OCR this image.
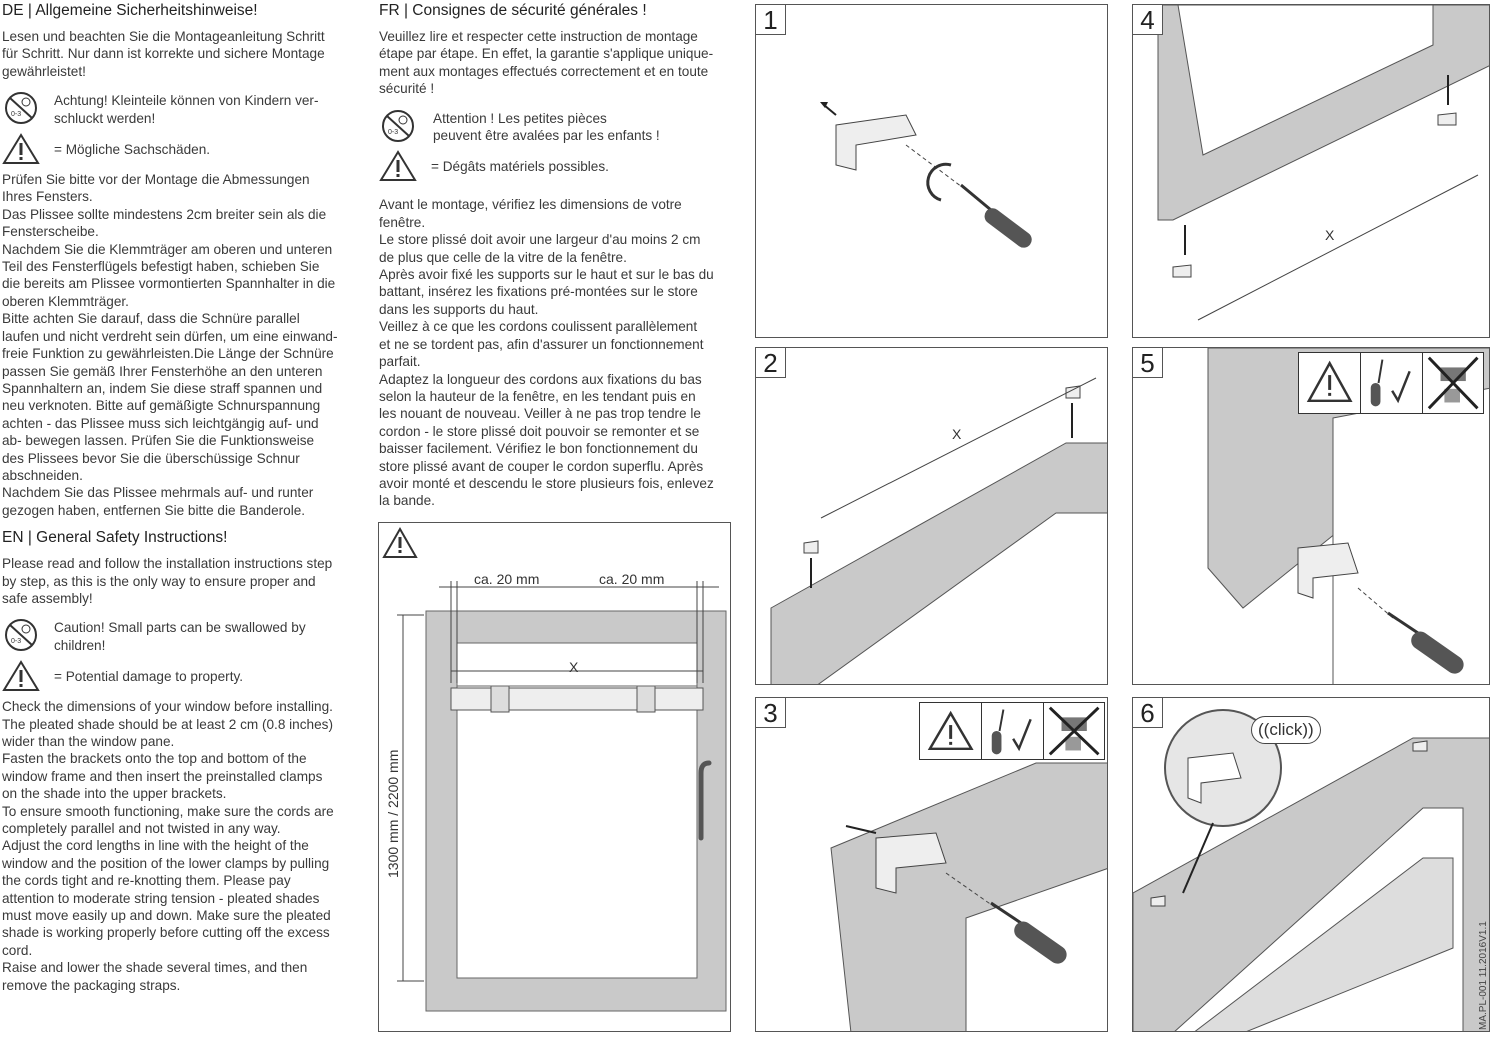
DE | Allgemeine Sicherheitshinweise!
Lesen und beachten Sie die Montageanleitung Schritt
für Schritt. Nur dann ist korrekte und sichere Montage
gewährleistet!
0-3
Achtung! Kleinteile können von Kindern ver-
schluckt werden!
= Mögliche Sachschäden.
Prüfen Sie bitte vor der Montage die Abmessungen
Ihres Fensters.
Das Plissee sollte mindestens 2cm breiter sein als die
Fensterscheibe.
Nachdem Sie die Klemmträger am oberen und unteren
Teil des Fensterflügels befestigt haben, schieben Sie
die bereits am Plissee vormontierten Spannhalter in die
oberen Klemmträger.
Bitte achten Sie darauf, dass die Schnüre parallel
laufen und nicht verdreht sein dürfen, um eine einwand-
freie Funktion zu gewährleisten.Die Länge der Schnüre
passen Sie gemäß Ihrer Fensterhöhe an den unteren
Spannhaltern an, indem Sie diese straff spannen und
neu verknoten. Bitte auf gemäßigte Schnurspannung
achten - das Plissee muss sich leichtgängig auf- und
ab- bewegen lassen. Prüfen Sie die Funktionsweise
des Plissees bevor Sie die überschüssige Schnur
abschneiden.
Nachdem Sie das Plissee mehrmals auf- und runter
gezogen haben, entfernen Sie bitte die Banderole.
EN | General Safety Instructions!
Please read and follow the installation instructions step
by step, as this is the only way to ensure proper and
safe assembly!
0-3
Caution! Small parts can be swallowed by
children!
= Potential damage to property.
Check the dimensions of your window before installing.
The pleated shade should be at least 2 cm (0.8 inches)
wider than the window pane.
Fasten the brackets onto the top and bottom of the
window frame and then insert the preinstalled clamps
on the shade into the upper brackets.
To ensure smooth functioning, make sure the cords are
completely parallel and not twisted in any way.
Adjust the cord lengths in line with the height of the
window and the position of the lower clamps by pulling
the cords tight and re-knotting them. Please pay
attention to moderate string tension - pleated shades
must move easily up and down. Make sure the pleated
shade is working properly before cutting off the excess
cord.
Raise and lower the shade several times, and then
remove the packaging straps.
FR | Consignes de sécurité générales !
Veuillez lire et respecter cette instruction de montage
étape par étape. En effet, la garantie s'applique unique-
ment aux montages effectués correctement et en toute
sécurité !
0-3
Attention ! Les petites pièces
peuvent être avalées par les enfants !
= Dégâts matériels possibles.
Avant le montage, vérifiez les dimensions de votre
fenêtre.
Le store plissé doit avoir une largeur d'au moins 2 cm
de plus que celle de la vitre de la fenêtre.
Après avoir fixé les supports sur le haut et sur le bas du
battant, insérez les fixations pré-montées sur le store
dans les supports du haut.
Veillez à ce que les cordons coulissent parallèlement
et ne se tordent pas, afin d'assurer un fonctionnement
parfait.
Adaptez la longueur des cordons aux fixations du bas
selon la hauteur de la fenêtre, en les tendant puis en
les nouant de nouveau. Veiller à ne pas trop tendre le
cordon - le store plissé doit pouvoir se remonter et se
baisser facilement. Vérifiez le bon fonctionnement du
store plissé avant de couper le cordon superflu. Après
avoir monté et descendu le store plusieurs fois, enlevez
la bande.
ca. 20 mm	ca. 20 mm
X
1300 mm / 2200 mm
1
2
X
3
4
X
5
6
((click))
MA.PL-001 11.2016V1.1
